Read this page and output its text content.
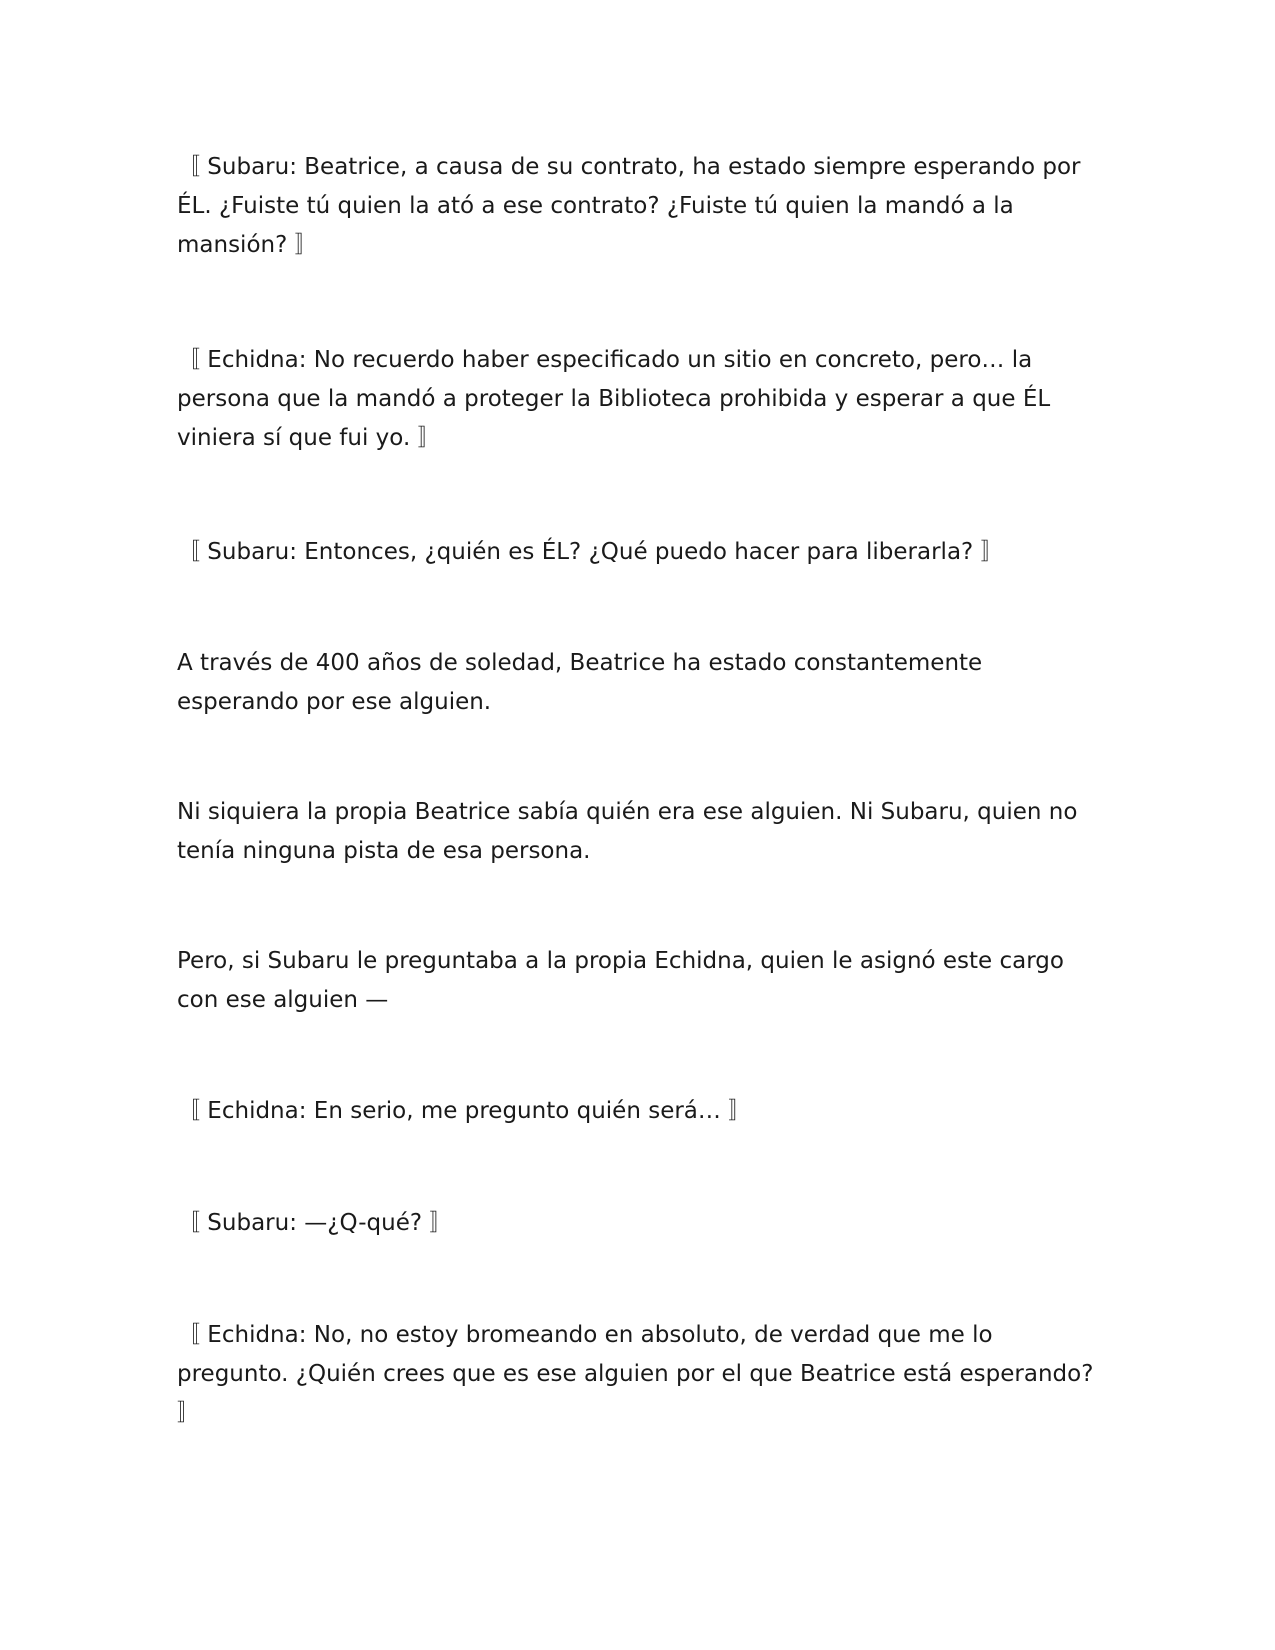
〚 Subaru: Beatrice, a causa de su contrato, ha estado siempre esperando por ÉL. ¿Fuiste tú quien la ató a ese contrato? ¿Fuiste tú quien la mandó a la mansión? 〛

〚 Echidna: No recuerdo haber especificado un sitio en concreto, pero… la persona que la mandó a proteger la Biblioteca prohibida y esperar a que ÉL viniera sí que fui yo. 〛

〚 Subaru: Entonces, ¿quién es ÉL? ¿Qué puedo hacer para liberarla? 〛

A través de 400 años de soledad, Beatrice ha estado constantemente esperando por ese alguien.

Ni siquiera la propia Beatrice sabía quién era ese alguien. Ni Subaru, quien no tenía ninguna pista de esa persona.

Pero, si Subaru le preguntaba a la propia Echidna, quien le asignó este cargo con ese alguien —

〚 Echidna: En serio, me pregunto quién será… 〛

〚 Subaru: —¿Q-qué? 〛

〚 Echidna: No, no estoy bromeando en absoluto, de verdad que me lo pregunto. ¿Quién crees que es ese alguien por el que Beatrice está esperando? 〛
